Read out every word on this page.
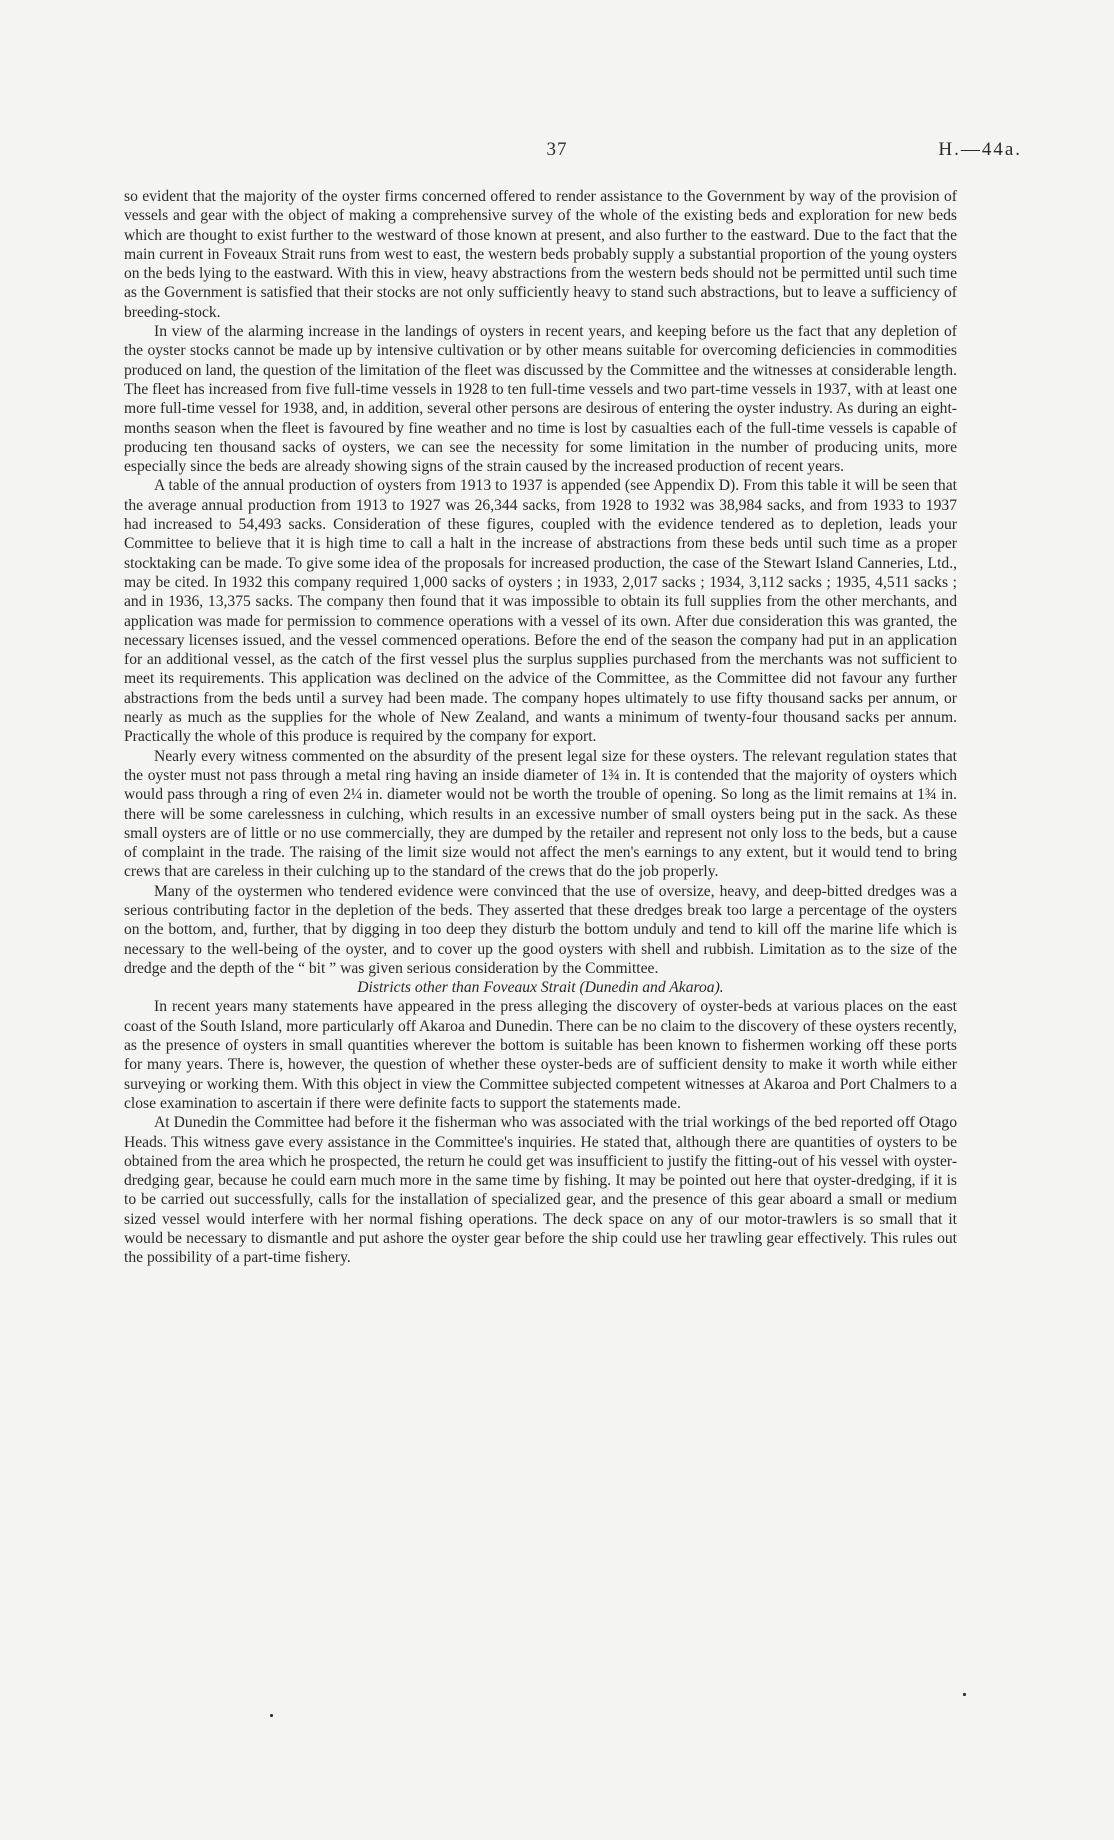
37	H.—44a.

so evident that the majority of the oyster firms concerned offered to render assistance to the Government by way of the provision of vessels and gear with the object of making a comprehensive survey of the whole of the existing beds and exploration for new beds which are thought to exist further to the westward of those known at present, and also further to the eastward. Due to the fact that the main current in Foveaux Strait runs from west to east, the western beds probably supply a substantial proportion of the young oysters on the beds lying to the eastward. With this in view, heavy abstractions from the western beds should not be permitted until such time as the Government is satisfied that their stocks are not only sufficiently heavy to stand such abstractions, but to leave a sufficiency of breeding-stock.

In view of the alarming increase in the landings of oysters in recent years, and keeping before us the fact that any depletion of the oyster stocks cannot be made up by intensive cultivation or by other means suitable for overcoming deficiencies in commodities produced on land, the question of the limitation of the fleet was discussed by the Committee and the witnesses at considerable length. The fleet has increased from five full-time vessels in 1928 to ten full-time vessels and two part-time vessels in 1937, with at least one more full-time vessel for 1938, and, in addition, several other persons are desirous of entering the oyster industry. As during an eight-months season when the fleet is favoured by fine weather and no time is lost by casualties each of the full-time vessels is capable of producing ten thousand sacks of oysters, we can see the necessity for some limitation in the number of producing units, more especially since the beds are already showing signs of the strain caused by the increased production of recent years.

A table of the annual production of oysters from 1913 to 1937 is appended (see Appendix D). From this table it will be seen that the average annual production from 1913 to 1927 was 26,344 sacks, from 1928 to 1932 was 38,984 sacks, and from 1933 to 1937 had increased to 54,493 sacks. Consideration of these figures, coupled with the evidence tendered as to depletion, leads your Committee to believe that it is high time to call a halt in the increase of abstractions from these beds until such time as a proper stocktaking can be made. To give some idea of the proposals for increased production, the case of the Stewart Island Canneries, Ltd., may be cited. In 1932 this company required 1,000 sacks of oysters ; in 1933, 2,017 sacks ; 1934, 3,112 sacks ; 1935, 4,511 sacks ; and in 1936, 13,375 sacks. The company then found that it was impossible to obtain its full supplies from the other merchants, and application was made for permission to commence operations with a vessel of its own. After due consideration this was granted, the necessary licenses issued, and the vessel commenced operations. Before the end of the season the company had put in an application for an additional vessel, as the catch of the first vessel plus the surplus supplies purchased from the merchants was not sufficient to meet its requirements. This application was declined on the advice of the Committee, as the Committee did not favour any further abstractions from the beds until a survey had been made. The company hopes ultimately to use fifty thousand sacks per annum, or nearly as much as the supplies for the whole of New Zealand, and wants a minimum of twenty-four thousand sacks per annum. Practically the whole of this produce is required by the company for export.

Nearly every witness commented on the absurdity of the present legal size for these oysters. The relevant regulation states that the oyster must not pass through a metal ring having an inside diameter of 1¾ in. It is contended that the majority of oysters which would pass through a ring of even 2¼ in. diameter would not be worth the trouble of opening. So long as the limit remains at 1¾ in. there will be some carelessness in culching, which results in an excessive number of small oysters being put in the sack. As these small oysters are of little or no use commercially, they are dumped by the retailer and represent not only loss to the beds, but a cause of complaint in the trade. The raising of the limit size would not affect the men's earnings to any extent, but it would tend to bring crews that are careless in their culching up to the standard of the crews that do the job properly.

Many of the oystermen who tendered evidence were convinced that the use of oversize, heavy, and deep-bitted dredges was a serious contributing factor in the depletion of the beds. They asserted that these dredges break too large a percentage of the oysters on the bottom, and, further, that by digging in too deep they disturb the bottom unduly and tend to kill off the marine life which is necessary to the well-being of the oyster, and to cover up the good oysters with shell and rubbish. Limitation as to the size of the dredge and the depth of the “ bit ” was given serious consideration by the Committee.

Districts other than Foveaux Strait (Dunedin and Akaroa).

In recent years many statements have appeared in the press alleging the discovery of oyster-beds at various places on the east coast of the South Island, more particularly off Akaroa and Dunedin. There can be no claim to the discovery of these oysters recently, as the presence of oysters in small quantities wherever the bottom is suitable has been known to fishermen working off these ports for many years. There is, however, the question of whether these oyster-beds are of sufficient density to make it worth while either surveying or working them. With this object in view the Committee subjected competent witnesses at Akaroa and Port Chalmers to a close examination to ascertain if there were definite facts to support the statements made.

At Dunedin the Committee had before it the fisherman who was associated with the trial workings of the bed reported off Otago Heads. This witness gave every assistance in the Committee's inquiries. He stated that, although there are quantities of oysters to be obtained from the area which he prospected, the return he could get was insufficient to justify the fitting-out of his vessel with oyster-dredging gear, because he could earn much more in the same time by fishing. It may be pointed out here that oyster-dredging, if it is to be carried out successfully, calls for the installation of specialized gear, and the presence of this gear aboard a small or medium sized vessel would interfere with her normal fishing operations. The deck space on any of our motor-trawlers is so small that it would be necessary to dismantle and put ashore the oyster gear before the ship could use her trawling gear effectively. This rules out the possibility of a part-time fishery.
